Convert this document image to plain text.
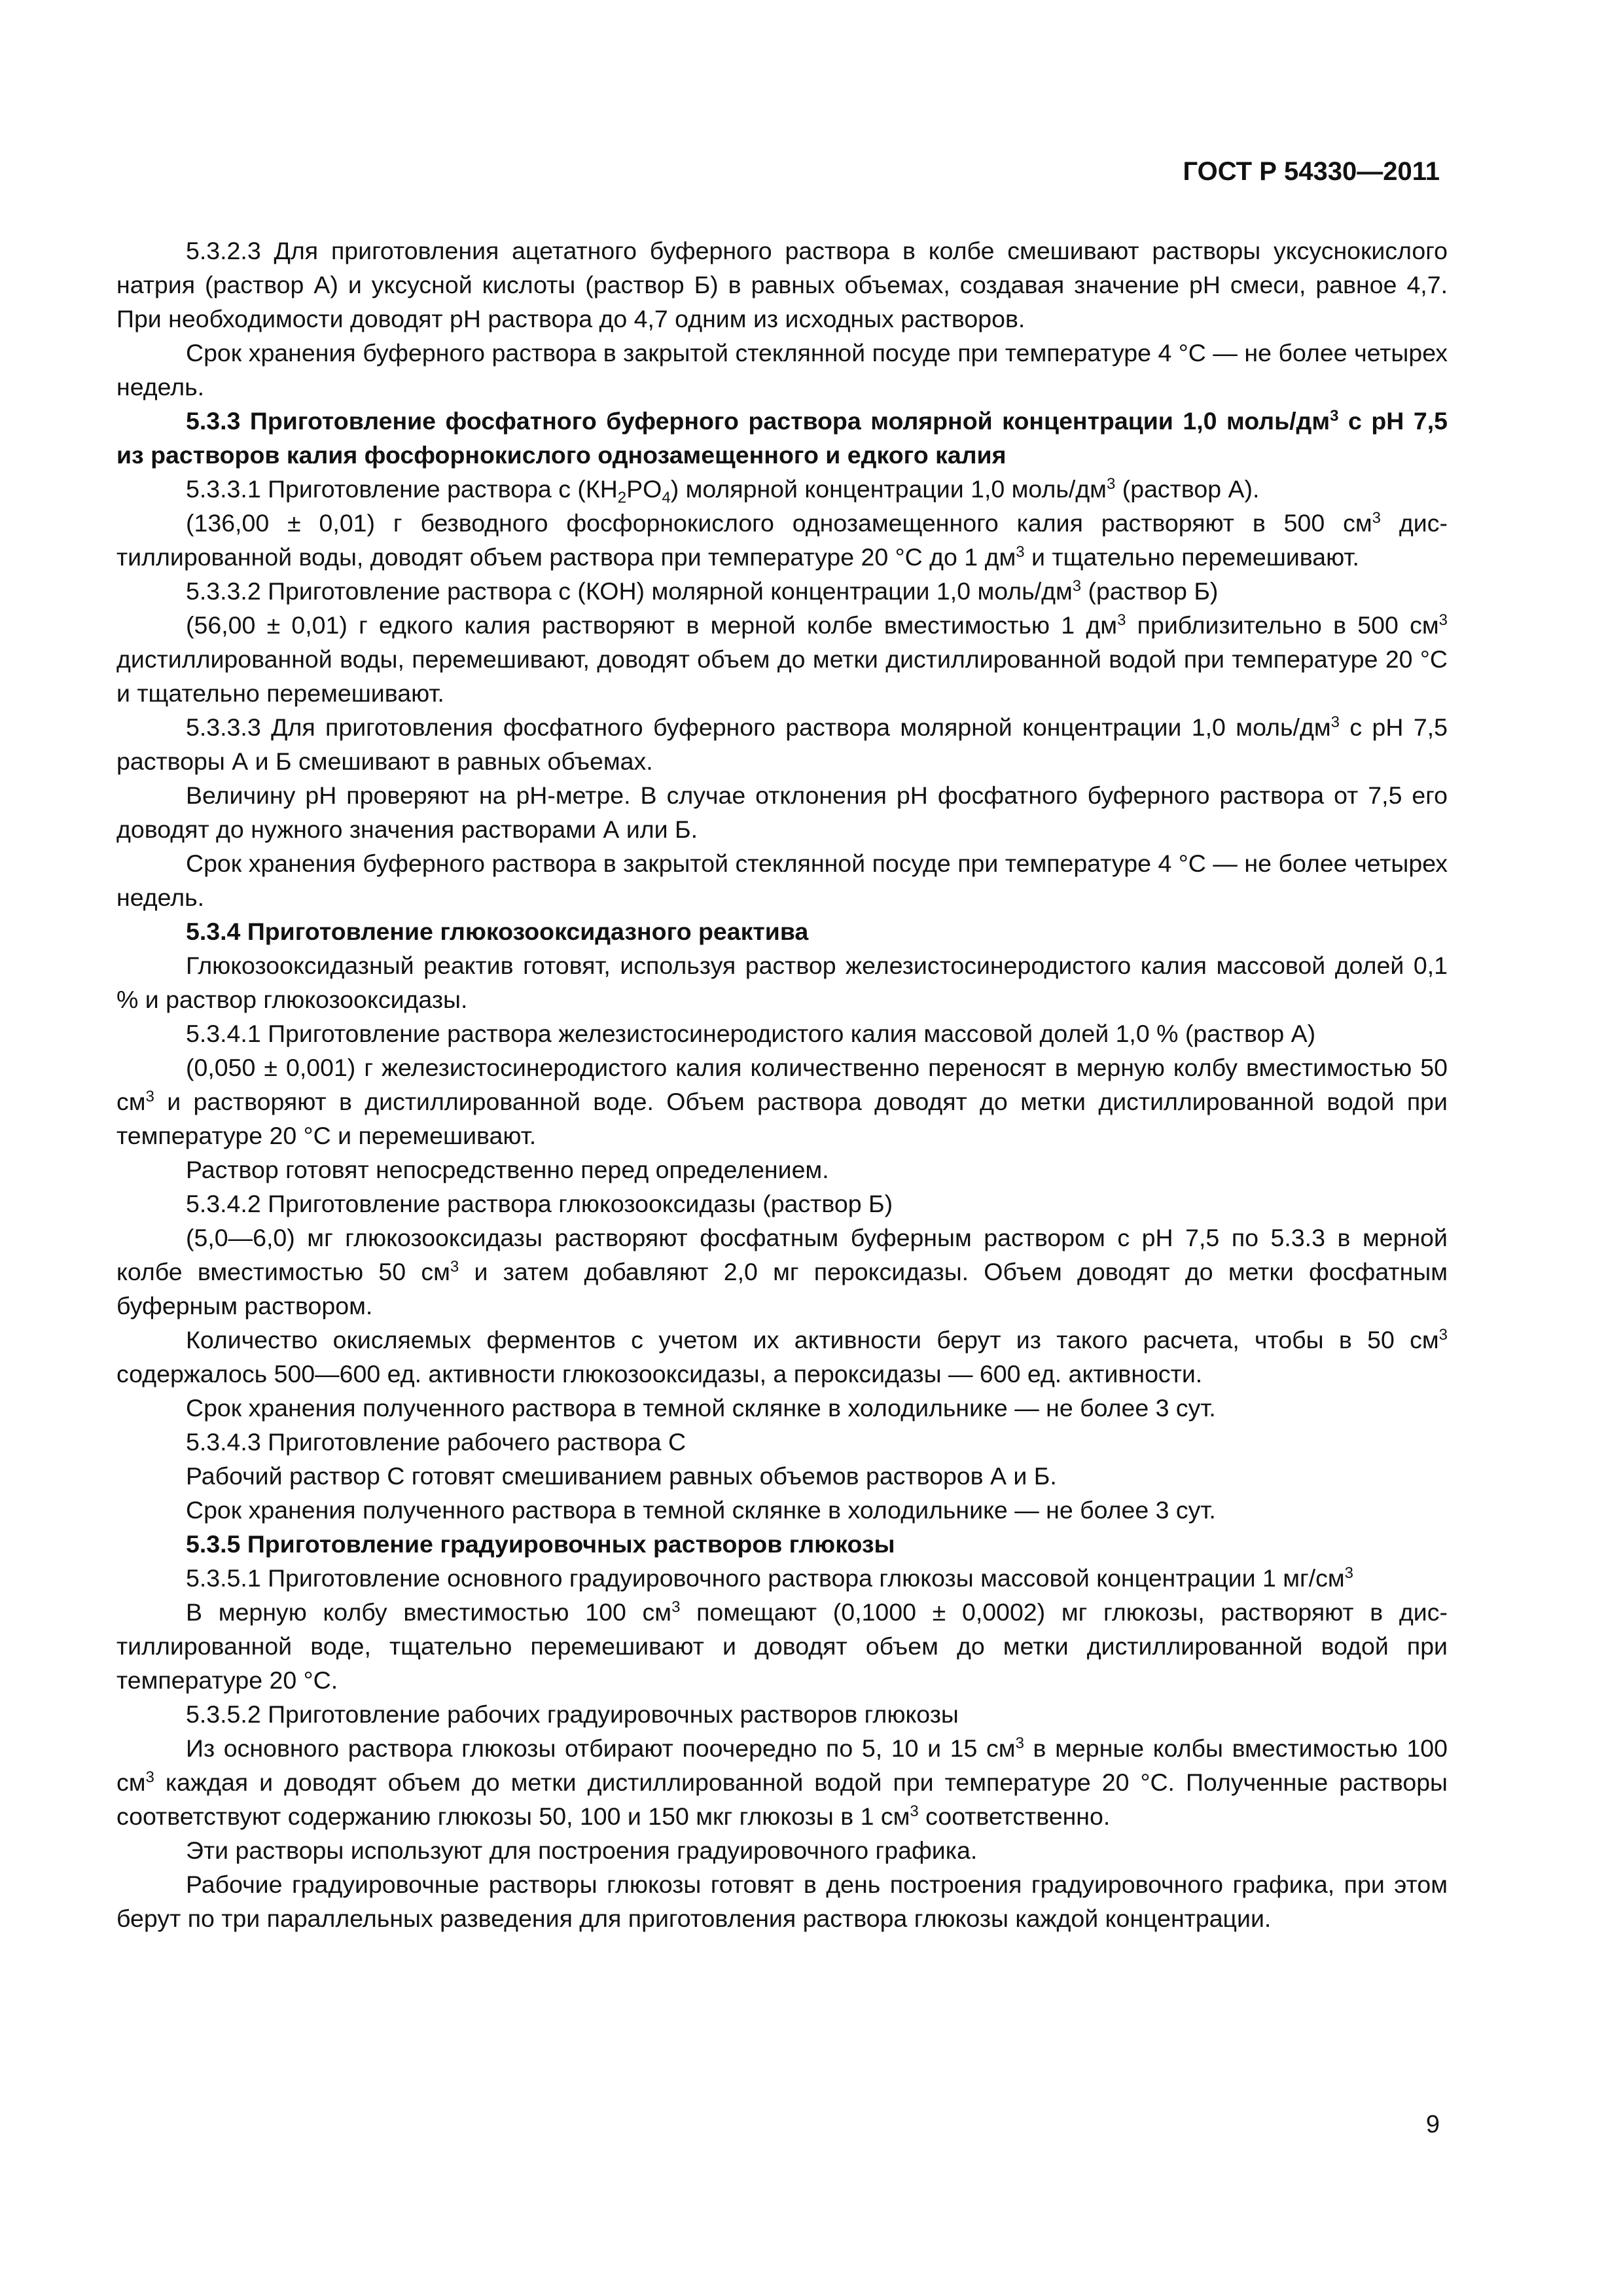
ГОСТ Р 54330—2011

5.3.2.3 Для приготовления ацетатного буферного раствора в колбе смешивают растворы уксуснокислого натрия (раствор А) и уксусной кислоты (раствор Б) в равных объемах, создавая значение pH смеси, равное 4,7. При необходимости доводят pH раствора до 4,7 одним из исходных растворов.

Срок хранения буферного раствора в закрытой стеклянной посуде при температуре 4 °С — не более четырех недель.

5.3.3 Приготовление фосфатного буферного раствора молярной концентрации 1,0 моль/$дм^3$ с pH 7,5 из растворов калия фосфорнокислого однозамещенного и едкого калия

5.3.3.1 Приготовление раствора с $(КН_2PO_4)$ молярной концентрации 1,0 моль/$дм^3$ (раствор А).

(136,00 ± 0,01) г безводного фосфорнокислого однозамещенного калия растворяют в 500 $см^3$ дистиллированной воды, доводят объем раствора при температуре 20 °С до 1 $дм^3$ и тщательно перемешивают.

5.3.3.2 Приготовление раствора с (КОН) молярной концентрации 1,0 моль/$дм^3$ (раствор Б)

(56,00 ± 0,01) г едкого калия растворяют в мерной колбе вместимостью 1 $дм^3$ приблизительно в 500 $см^3$ дистиллированной воды, перемешивают, доводят объем до метки дистиллированной водой при температуре 20 °С и тщательно перемешивают.

5.3.3.3 Для приготовления фосфатного буферного раствора молярной концентрации 1,0 моль/$дм^3$ с pH 7,5 растворы А и Б смешивают в равных объемах.

Величину pH проверяют на pH-метре. В случае отклонения pH фосфатного буферного раствора от 7,5 его доводят до нужного значения растворами А или Б.

Срок хранения буферного раствора в закрытой стеклянной посуде при температуре 4 °С — не более четырех недель.

5.3.4 Приготовление глюкозооксидазного реактива

Глюкозооксидазный реактив готовят, используя раствор железистосинеродистого калия массовой долей 0,1 % и раствор глюкозооксидазы.

5.3.4.1 Приготовление раствора железистосинеродистого калия массовой долей 1,0 % (раствор А)

(0,050 ± 0,001) г железистосинеродистого калия количественно переносят в мерную колбу вместимостью 50 $см^3$ и растворяют в дистиллированной воде. Объем раствора доводят до метки дистиллированной водой при температуре 20 °С и перемешивают.

Раствор готовят непосредственно перед определением.

5.3.4.2 Приготовление раствора глюкозооксидазы (раствор Б)

(5,0—6,0) мг глюкозооксидазы растворяют фосфатным буферным раствором с pH 7,5 по 5.3.3 в мерной колбе вместимостью 50 $см^3$ и затем добавляют 2,0 мг пероксидазы. Объем доводят до метки фосфатным буферным раствором.

Количество окисляемых ферментов с учетом их активности берут из такого расчета, чтобы в 50 $см^3$ содержалось 500—600 ед. активности глюкозооксидазы, а пероксидазы — 600 ед. активности.

Срок хранения полученного раствора в темной склянке в холодильнике — не более 3 сут.

5.3.4.3 Приготовление рабочего раствора С

Рабочий раствор С готовят смешиванием равных объемов растворов А и Б.

Срок хранения полученного раствора в темной склянке в холодильнике — не более 3 сут.

5.3.5 Приготовление градуировочных растворов глюкозы

5.3.5.1 Приготовление основного градуировочного раствора глюкозы массовой концентрации 1 $мг/см^3$

В мерную колбу вместимостью 100 $см^3$ помещают (0,1000 ± 0,0002) мг глюкозы, растворяют в дистиллированной воде, тщательно перемешивают и доводят объем до метки дистиллированной водой при температуре 20 °С.

5.3.5.2 Приготовление рабочих градуировочных растворов глюкозы

Из основного раствора глюкозы отбирают поочередно по 5, 10 и 15 $см^3$ в мерные колбы вместимостью 100 $см^3$ каждая и доводят объем до метки дистиллированной водой при температуре 20 °С. Полученные растворы соответствуют содержанию глюкозы 50, 100 и 150 мкг глюкозы в 1 $см^3$ соответственно.

Эти растворы используют для построения градуировочного графика.

Рабочие градуировочные растворы глюкозы готовят в день построения градуировочного графика, при этом берут по три параллельных разведения для приготовления раствора глюкозы каждой концентрации.

9
